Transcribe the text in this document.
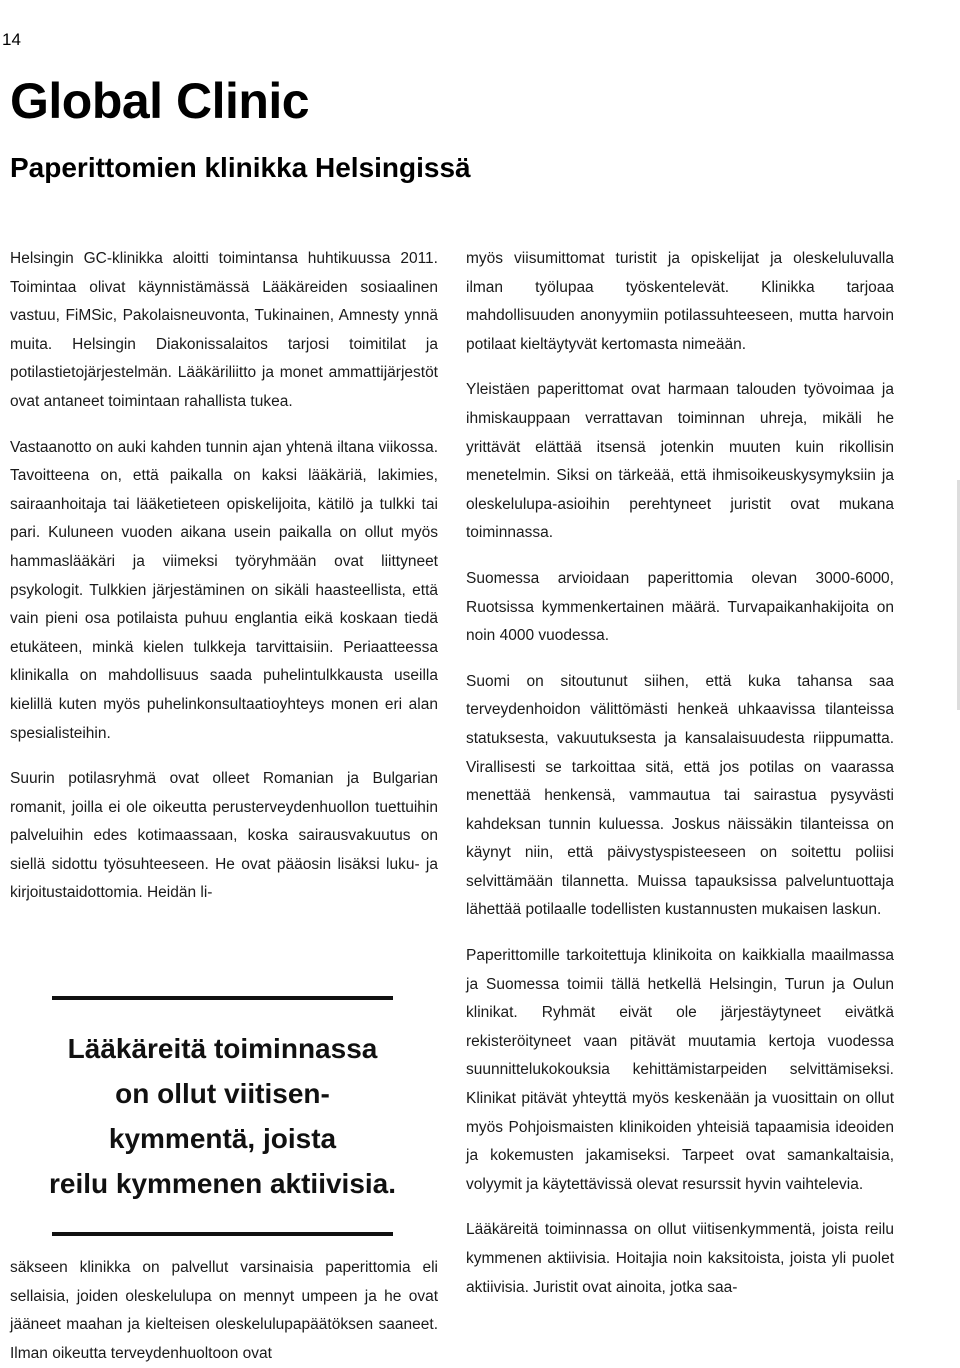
14
Global Clinic
Paperittomien klinikka Helsingissä

Helsingin GC-klinikka aloitti toimintansa huhtikuussa 2011. Toimintaa olivat käynnistämässä Lääkäreiden sosiaalinen vastuu, FiMSic, Pakolaisneuvonta, Tukinainen, Amnesty ynnä muita. Helsingin Diakonissalaitos tarjosi toimitilat ja potilastietojärjestelmän. Lääkäriliitto ja monet ammattijärjestöt ovat antaneet toimintaan rahallista tukea.

Vastaanotto on auki kahden tunnin ajan yhtenä iltana viikossa. Tavoitteena on, että paikalla on kaksi lääkäriä, lakimies, sairaanhoitaja tai lääketieteen opiskelijoita, kätilö ja tulkki tai pari. Kuluneen vuoden aikana usein paikalla on ollut myös hammaslääkäri ja viimeksi työryhmään ovat liittyneet psykologit. Tulkkien järjestäminen on sikäli haasteellista, että vain pieni osa potilaista puhuu englantia eikä koskaan tiedä etukäteen, minkä kielen tulkkeja tarvittaisiin. Periaatteessa klinikalla on mahdollisuus saada puhelintulkkausta useilla kielillä kuten myös puhelinkonsultaatioyhteys monen eri alan spesialisteihin.

Suurin potilasryhmä ovat olleet Romanian ja Bulgarian romanit, joilla ei ole oikeutta perusterveydenhuollon tuettuihin palveluihin edes kotimaassaan, koska sairausvakuutus on siellä sidottu työsuhteeseen. He ovat pääosin lisäksi luku- ja kirjoitustaidottomia. Heidän li-

Lääkäreitä toiminnassa
on ollut viitisen-
kymmentä, joista
reilu kymmenen aktiivisia.

säkseen klinikka on palvellut varsinaisia paperittomia eli sellaisia, joiden oleskelulupa on mennyt umpeen ja he ovat jääneet maahan ja kielteisen oleskelulupapäätöksen saaneet. Ilman oikeutta terveydenhuoltoon ovat

myös viisumittomat turistit ja opiskelijat ja oleskeluluvalla ilman työlupaa työskentelevät. Klinikka tarjoaa mahdollisuuden anonyymiin potilassuhteeseen, mutta harvoin potilaat kieltäytyvät kertomasta nimeään.

Yleistäen paperittomat ovat harmaan talouden työvoimaa ja ihmiskauppaan verrattavan toiminnan uhreja, mikäli he yrittävät elättää itsensä jotenkin muuten kuin rikollisin menetelmin. Siksi on tärkeää, että ihmisoikeuskysymyksiin ja oleskelulupa-asioihin perehtyneet juristit ovat mukana toiminnassa.

Suomessa arvioidaan paperittomia olevan 3000-6000, Ruotsissa kymmenkertainen määrä. Turvapaikanhakijoita on noin 4000 vuodessa.

Suomi on sitoutunut siihen, että kuka tahansa saa terveydenhoidon välittömästi henkeä uhkaavissa tilanteissa statuksesta, vakuutuksesta ja kansalaisuudesta riippumatta. Virallisesti se tarkoittaa sitä, että jos potilas on vaarassa menettää henkensä, vammautua tai sairastua pysyvästi kahdeksan tunnin kuluessa. Joskus näissäkin tilanteissa on käynyt niin, että päivystyspisteeseen on soitettu poliisi selvittämään tilannetta. Muissa tapauksissa palveluntuottaja lähettää potilaalle todellisten kustannusten mukaisen laskun.

Paperittomille tarkoitettuja klinikoita on kaikkialla maailmassa ja Suomessa toimii tällä hetkellä Helsingin, Turun ja Oulun klinikat. Ryhmät eivät ole järjestäytyneet eivätkä rekisteröityneet vaan pitävät muutamia kertoja vuodessa suunnittelukokouksia kehittämistarpeiden selvittämiseksi. Klinikat pitävät yhteyttä myös keskenään ja vuosittain on ollut myös Pohjoismaisten klinikoiden yhteisiä tapaamisia ideoiden ja kokemusten jakamiseksi. Tarpeet ovat samankaltaisia, volyymit ja käytettävissä olevat resurssit hyvin vaihtelevia.

Lääkäreitä toiminnassa on ollut viitisenkymmentä, joista reilu kymmenen aktiivisia. Hoitajia noin kaksitoista, joista yli puolet aktiivisia. Juristit ovat ainoita, jotka saa-
